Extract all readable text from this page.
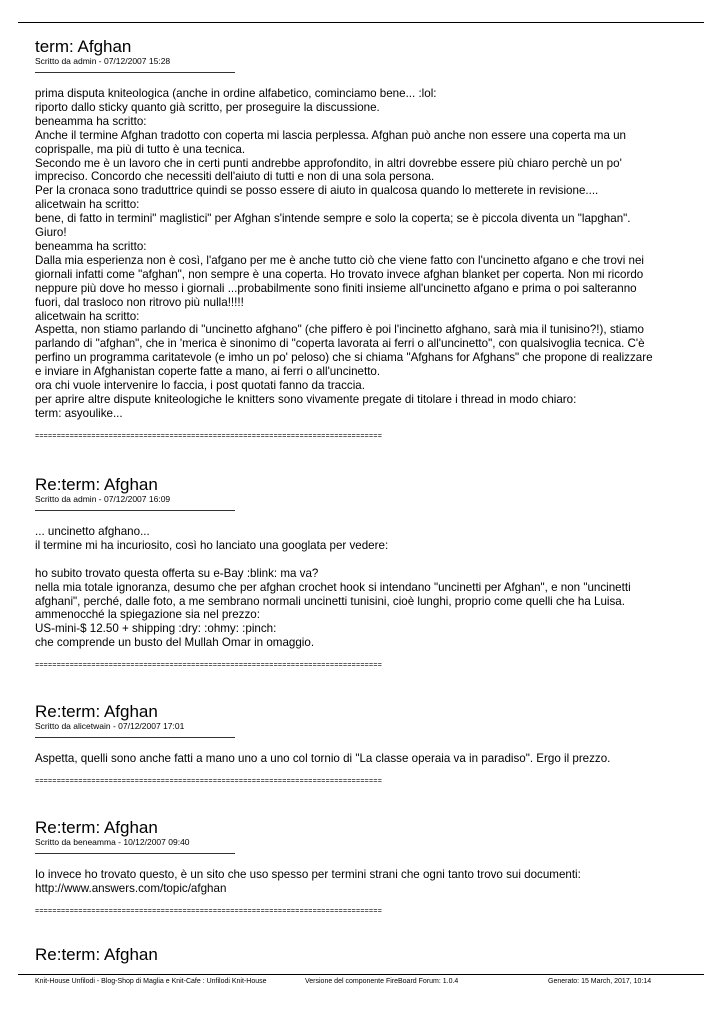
term: Afghan
Scritto da admin - 07/12/2007 15:28
prima disputa kniteologica (anche in ordine alfabetico, cominciamo bene... :lol:
riporto dallo sticky quanto già scritto, per proseguire la discussione.
beneamma ha scritto:
Anche il termine Afghan tradotto con coperta mi lascia perplessa. Afghan può anche non essere una coperta ma un
coprispalle, ma più di tutto è una tecnica.
Secondo me è un lavoro che in certi punti andrebbe approfondito, in altri dovrebbe essere più chiaro perchè un po'
impreciso. Concordo che necessiti dell'aiuto di tutti e non di una sola persona.
Per la cronaca sono traduttrice quindi se posso essere di aiuto in qualcosa quando lo metterete in revisione....
alicetwain ha scritto:
bene, di fatto in termini" maglistici" per Afghan s'intende sempre e solo la coperta; se è piccola diventa un "lapghan".
Giuro!
beneamma ha scritto:
Dalla mia esperienza non è così, l'afgano per me è anche tutto ciò che viene fatto con l'uncinetto afgano e che trovi nei
giornali infatti come "afghan", non sempre è una coperta. Ho trovato invece afghan blanket per coperta. Non mi ricordo
neppure più dove ho messo i giornali ...probabilmente sono finiti insieme all'uncinetto afgano e prima o poi salteranno
fuori, dal trasloco non ritrovo più nulla!!!!!
alicetwain ha scritto:
Aspetta, non stiamo parlando di "uncinetto afghano" (che piffero è poi l'incinetto afghano, sarà mia il tunisino?!), stiamo
parlando di "afghan", che in 'merica è sinonimo di "coperta lavorata ai ferri o all'uncinetto", con qualsivoglia tecnica. C'è
perfino un programma caritatevole (e imho un po' peloso) che si chiama "Afghans for Afghans" che propone di realizzare
e inviare in Afghanistan coperte fatte a mano, ai ferri o all'uncinetto.
ora chi vuole intervenire lo faccia, i post quotati fanno da traccia.
per aprire altre dispute kniteologiche le knitters sono vivamente pregate di titolare i thread in modo chiaro:
term: asyoulike...
================================================================================
Re:term: Afghan
Scritto da admin - 07/12/2007 16:09
... uncinetto afghano...
il termine mi ha incuriosito, così ho lanciato una googlata per vedere:
ho subito trovato questa offerta su e-Bay :blink: ma va?
nella mia totale ignoranza, desumo che per afghan crochet hook si intendano "uncinetti per Afghan", e non "uncinetti
afghani", perché, dalle foto, a me sembrano normali uncinetti tunisini, cioè lunghi, proprio come quelli che ha Luisa.
ammenocché la spiegazione sia nel prezzo:
US-mini-$ 12.50 + shipping :dry: :ohmy: :pinch:
che comprende un busto del Mullah Omar in omaggio.
================================================================================
Re:term: Afghan
Scritto da alicetwain - 07/12/2007 17:01
Aspetta, quelli sono anche fatti a mano uno a uno col tornio di "La classe operaia va in paradiso". Ergo il prezzo.
================================================================================
Re:term: Afghan
Scritto da beneamma - 10/12/2007 09:40
Io invece ho trovato questo, è un sito che uso spesso per termini strani che ogni tanto trovo sui documenti:
http://www.answers.com/topic/afghan
================================================================================
Re:term: Afghan
Knit-House Unfilodi - Blog-Shop di Maglia e Knit-Cafe : Unfilodi Knit-House	Versione del componente FireBoard Forum: 1.0.4	Generato: 15 March, 2017, 10:14
